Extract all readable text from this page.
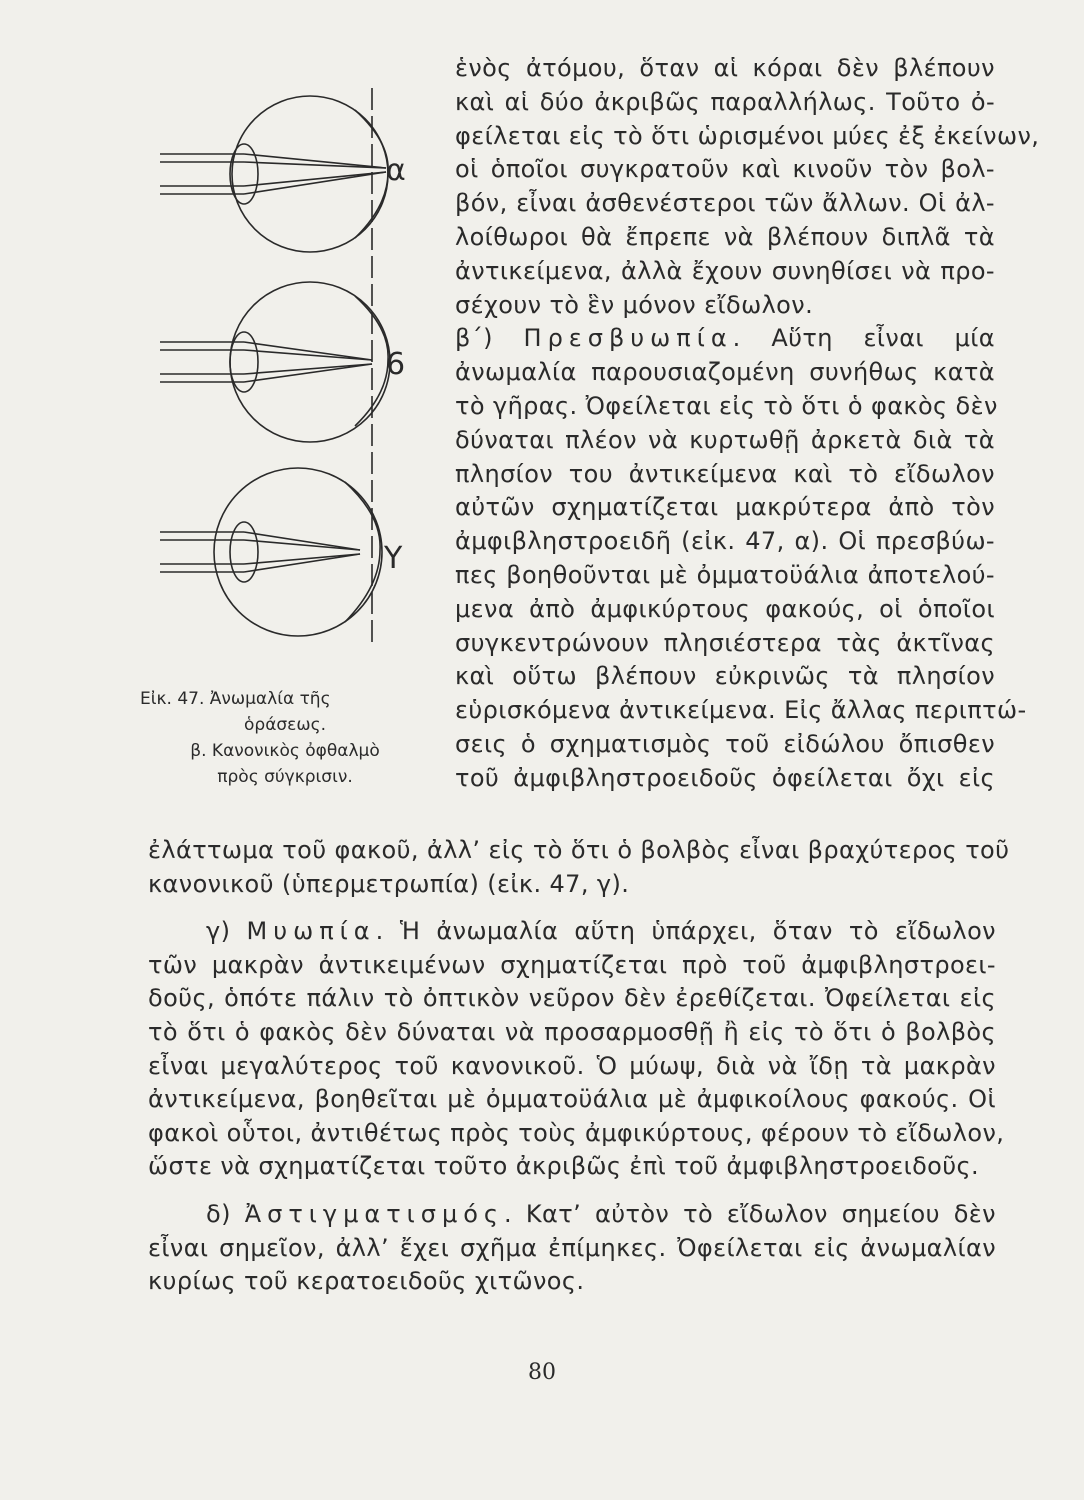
α
6
Υ
Εἰκ. 47. Ἀνωμαλία τῆς
ὁράσεως.
β. Κανονικὸς ὀφθαλμὸ
πρὸς σύγκρισιν.
ἑνὸς ἀτόμου, ὅταν αἱ κόραι δὲν βλέπουν
καὶ αἱ δύο ἀκριβῶς παραλλήλως. Τοῦτο ὀ-
φείλεται εἰς τὸ ὅτι ὡρισμένοι μύες ἐξ ἐκείνων,
οἱ ὁποῖοι συγκρατοῦν καὶ κινοῦν τὸν βολ-
βόν, εἶναι ἀσθενέστεροι τῶν ἄλλων. Οἱ ἀλ-
λοίθωροι θὰ ἔπρεπε νὰ βλέπουν διπλᾶ τὰ
ἀντικείμενα, ἀλλὰ ἔχουν συνηθίσει νὰ προ-
σέχουν τὸ ἓν μόνον εἴδωλον.
β΄) Πρεσβυωπία. Αὕτη εἶναι μία
ἀνωμαλία παρουσιαζομένη συνήθως κατὰ
τὸ γῆρας. Ὀφείλεται εἰς τὸ ὅτι ὁ φακὸς δὲν
δύναται πλέον νὰ κυρτωθῇ ἀρκετὰ διὰ τὰ
πλησίον του ἀντικείμενα καὶ τὸ εἴδωλον
αὐτῶν σχηματίζεται μακρύτερα ἀπὸ τὸν
ἀμφιβληστροειδῆ (εἰκ. 47, α). Οἱ πρεσβύω-
πες βοηθοῦνται μὲ ὀμματοϋάλια ἀποτελού-
μενα ἀπὸ ἀμφικύρτους φακούς, οἱ ὁποῖοι
συγκεντρώνουν πλησιέστερα τὰς ἀκτῖνας
καὶ οὕτω βλέπουν εὐκρινῶς τὰ πλησίον
εὑρισκόμενα ἀντικείμενα. Εἰς ἄλλας περιπτώ-
σεις ὁ σχηματισμὸς τοῦ εἰδώλου ὄπισθεν
τοῦ ἀμφιβληστροειδοῦς ὀφείλεται ὄχι εἰς
ἐλάττωμα τοῦ φακοῦ, ἀλλ’ εἰς τὸ ὅτι ὁ βολβὸς εἶναι βραχύτερος τοῦ
κανονικοῦ (ὑπερμετρωπία) (εἰκ. 47, γ).
γ) Μυωπία. Ἡ ἀνωμαλία αὕτη ὑπάρχει, ὅταν τὸ εἴδωλον
τῶν μακρὰν ἀντικειμένων σχηματίζεται πρὸ τοῦ ἀμφιβληστροει-
δοῦς, ὁπότε πάλιν τὸ ὀπτικὸν νεῦρον δὲν ἐρεθίζεται. Ὀφείλεται εἰς
τὸ ὅτι ὁ φακὸς δὲν δύναται νὰ προσαρμοσθῇ ἢ εἰς τὸ ὅτι ὁ βολβὸς
εἶναι μεγαλύτερος τοῦ κανονικοῦ. Ὁ μύωψ, διὰ νὰ ἴδῃ τὰ μακρὰν
ἀντικείμενα, βοηθεῖται μὲ ὀμματοϋάλια μὲ ἀμφικοίλους φακούς. Οἱ
φακοὶ οὗτοι, ἀντιθέτως πρὸς τοὺς ἀμφικύρτους, φέρουν τὸ εἴδωλον,
ὥστε νὰ σχηματίζεται τοῦτο ἀκριβῶς ἐπὶ τοῦ ἀμφιβληστροειδοῦς.
δ) Ἀστιγματισμός. Κατ’ αὐτὸν τὸ εἴδωλον σημείου δὲν
εἶναι σημεῖον, ἀλλ’ ἔχει σχῆμα ἐπίμηκες. Ὀφείλεται εἰς ἀνωμαλίαν
κυρίως τοῦ κερατοειδοῦς χιτῶνος.
80
